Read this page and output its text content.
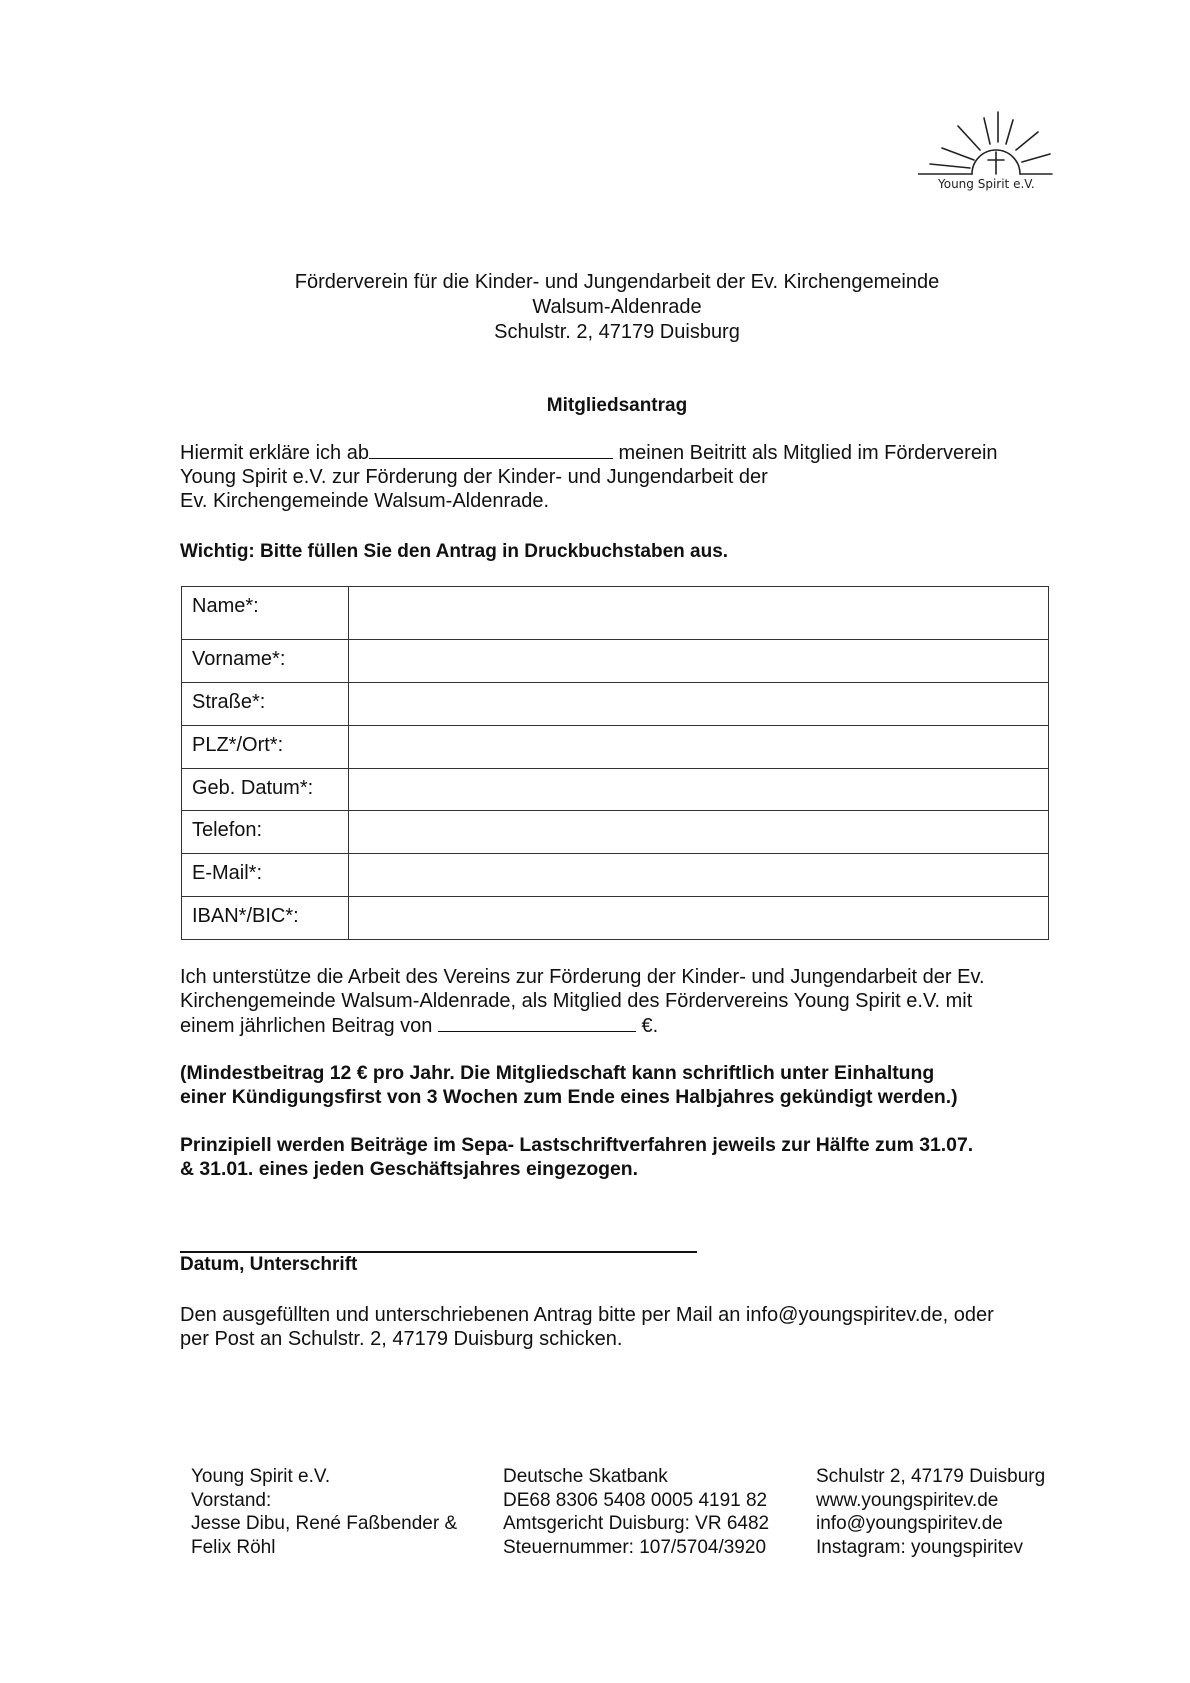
Young Spirit e.V.
Förderverein für die Kinder- und Jungendarbeit der Ev. Kirchengemeinde
Walsum-Aldenrade
Schulstr. 2, 47179 Duisburg
Mitgliedsantrag
Hiermit erkläre ich ab	meinen Beitritt als Mitglied im Förderverein
Young Spirit e.V. zur Förderung der Kinder- und Jungendarbeit der
Ev. Kirchengemeinde Walsum-Aldenrade.
Wichtig: Bitte füllen Sie den Antrag in Druckbuchstaben aus.
Name*:	
Vorname*:	
Straße*:	
PLZ*/Ort*:	
Geb. Datum*:	
Telefon:	
E-Mail*:	
IBAN*/BIC*:	
Ich unterstütze die Arbeit des Vereins zur Förderung der Kinder- und Jungendarbeit der Ev.
Kirchengemeinde Walsum-Aldenrade, als Mitglied des Fördervereins Young Spirit e.V. mit
einem jährlichen Beitrag von	€.
(Mindestbeitrag 12 € pro Jahr. Die Mitgliedschaft kann schriftlich unter Einhaltung
einer Kündigungsfirst von 3 Wochen zum Ende eines Halbjahres gekündigt werden.)
Prinzipiell werden Beiträge im Sepa- Lastschriftverfahren jeweils zur Hälfte zum 31.07.
& 31.01. eines jeden Geschäftsjahres eingezogen.
Datum, Unterschrift
Den ausgefüllten und unterschriebenen Antrag bitte per Mail an info@youngspiritev.de, oder
per Post an Schulstr. 2, 47179 Duisburg schicken.
Young Spirit e.V.
Vorstand:
Jesse Dibu, René Faßbender &
Felix Röhl
Deutsche Skatbank
DE68 8306 5408 0005 4191 82
Amtsgericht Duisburg: VR 6482
Steuernummer: 107/5704/3920
Schulstr 2, 47179 Duisburg
www.youngspiritev.de
info@youngspiritev.de
Instagram: youngspiritev
